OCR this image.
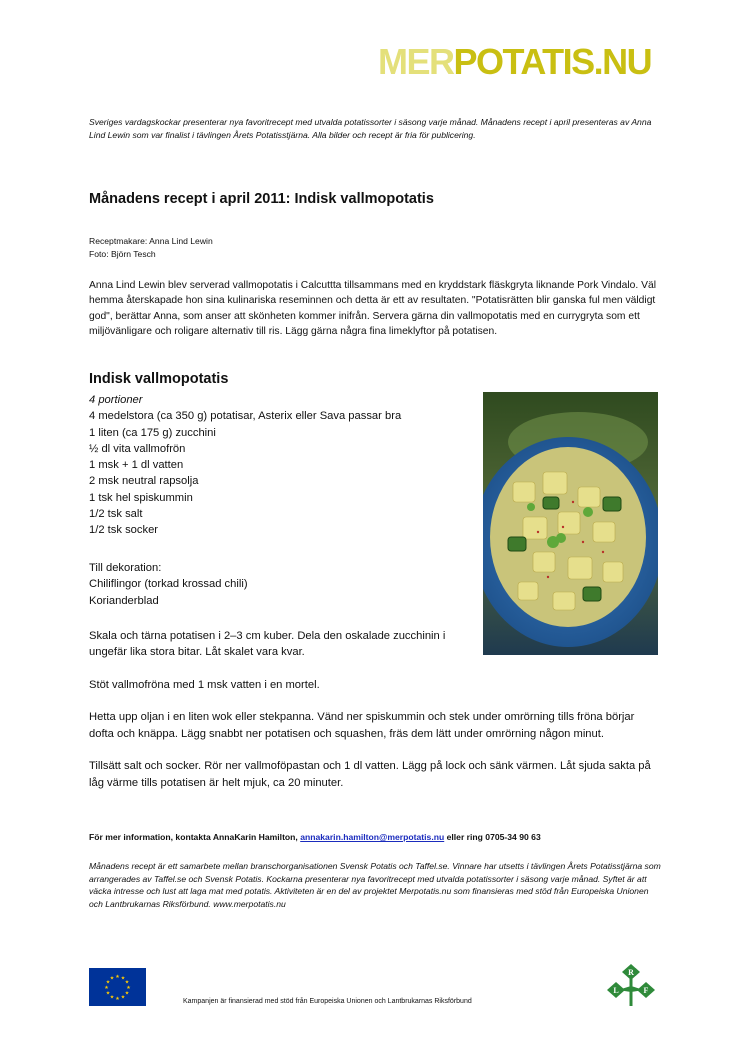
MERPOTATIS.NU
Sveriges vardagskockar presenterar nya favoritrecept med utvalda potatissorter i säsong varje månad. Månadens recept i april presenteras av Anna Lind Lewin som var finalist i tävlingen Årets Potatisstjärna. Alla bilder och recept är fria för publicering.
Månadens recept i april 2011: Indisk vallmopotatis
Receptmakare: Anna Lind Lewin
Foto: Björn Tesch
Anna Lind Lewin blev serverad vallmopotatis i Calcuttta tillsammans med en kryddstark fläskgryta liknande Pork Vindalo. Väl hemma återskapade hon sina kulinariska reseminnen och detta är ett av resultaten. "Potatisrätten blir ganska ful men väldigt god", berättar Anna, som anser att skönheten kommer inifrån. Servera gärna din vallmopotatis med en currygryta som ett miljövänligare och roligare alternativ till ris. Lägg gärna några fina limeklyftor på potatisen.
Indisk vallmopotatis
4 portioner
4 medelstora (ca 350 g) potatisar, Asterix eller Sava passar bra
1 liten (ca 175 g) zucchini
½ dl vita vallmofrön
1 msk + 1 dl vatten
2 msk neutral rapsolja
1 tsk hel spiskummin
1/2 tsk salt
1/2 tsk socker
Till dekoration:
Chiliflingor (torkad krossad chili)
Korianderblad

Skala och tärna potatisen i 2–3 cm kuber. Dela den oskalade zucchinin i ungefär lika stora bitar. Låt skalet vara kvar.

Stöt vallmofröna med 1 msk vatten i en mortel.

Hetta upp oljan i en liten wok eller stekpanna. Vänd ner spiskummin och stek under omrörning tills fröna börjar dofta och knäppa. Lägg snabbt ner potatisen och squashen, fräs dem lätt under omrörning någon minut.

Tillsätt salt och socker. Rör ner vallmoföpastan och 1 dl vatten. Lägg på lock och sänk värmen. Låt sjuda sakta på låg värme tills potatisen är helt mjuk, ca 20 minuter.

För mer information, kontakta AnnaKarin Hamilton, annakarin.hamilton@merpotatis.nu eller ring 0705-34 90 63
Månadens recept är ett samarbete mellan branschorganisationen Svensk Potatis och Taffel.se. Vinnare har utsetts i tävlingen Årets Potatisstjärna som arrangerades av Taffel.se och Svensk Potatis. Kockarna presenterar nya favoritrecept med utvalda potatissorter i säsong varje månad. Syftet är att väcka intresse och lust att laga mat med potatis. Aktiviteten är en del av projektet Merpotatis.nu som finansieras med stöd från Europeiska Unionen och Lantbrukarnas Riksförbund. www.merpotatis.nu
★ ★
★
★
★
★
★
★
★
★
★
★
Kampanjen är finansierad med stöd från Europeiska Unionen och Lantbrukarnas Riksförbund
R
L	F
